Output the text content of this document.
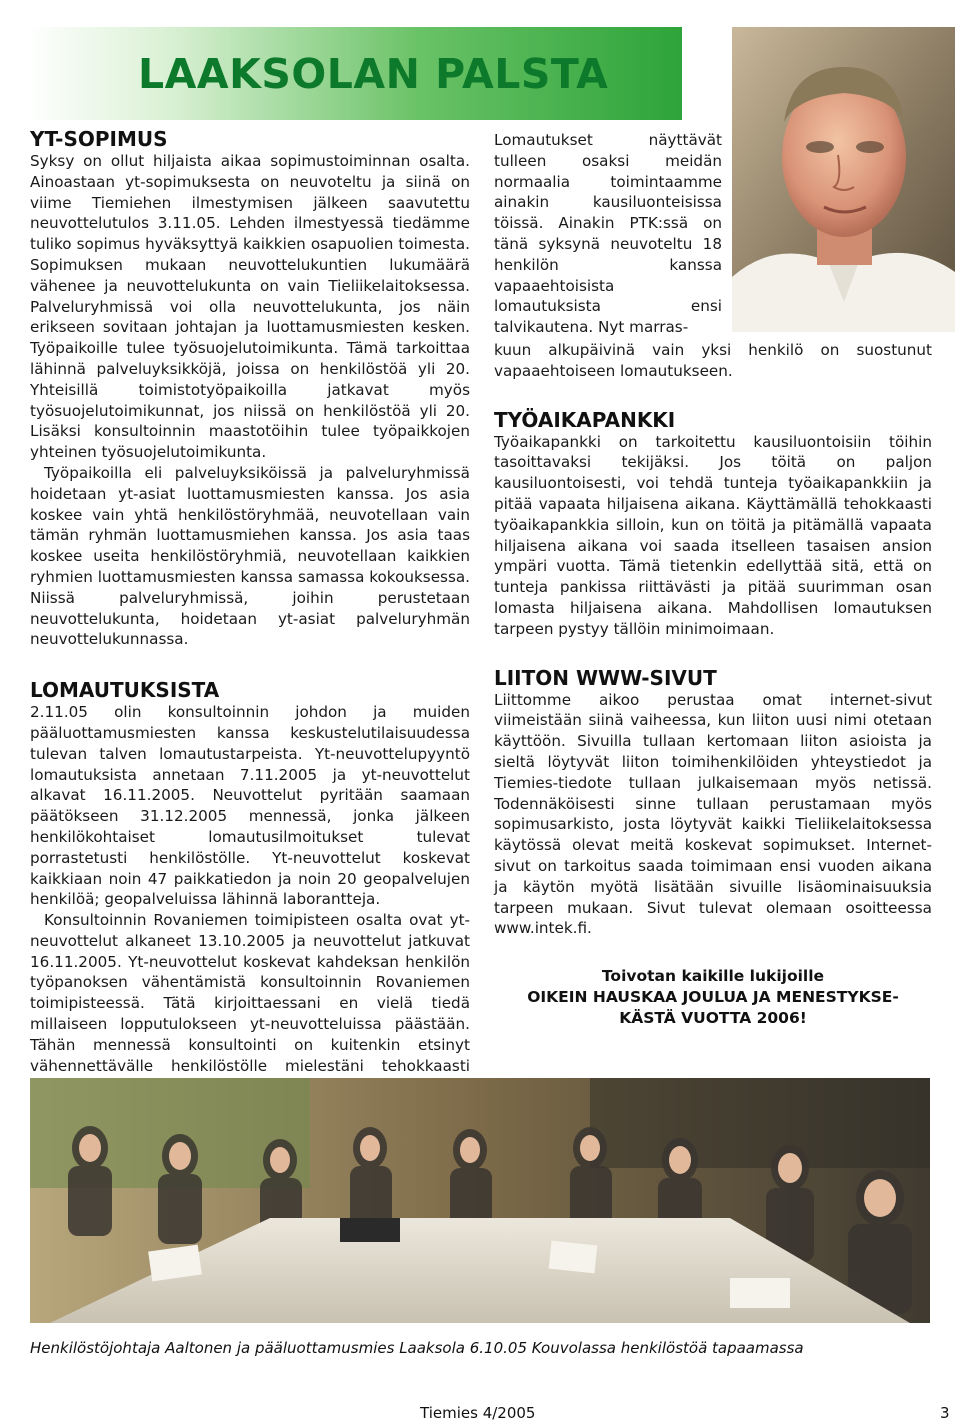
LAAKSOLAN PALSTA
YT-SOPIMUS

Syksy on ollut hiljaista aikaa sopimustoiminnan osalta. Ainoastaan yt-sopimuksesta on neuvoteltu ja siinä on viime Tiemiehen ilmestymisen jälkeen saavutettu neuvottelutulos 3.11.05. Lehden ilmestyessä tiedämme tuliko sopimus hyväksyttyä kaikkien osapuolien toimesta. Sopimuksen mukaan neuvottelukuntien lukumäärä vähenee ja neuvottelukunta on vain Tieliikelaitoksessa. Palveluryhmissä voi olla neuvottelukunta, jos näin erikseen sovitaan johtajan ja luottamusmiesten kesken. Työpaikoille tulee työsuojelutoimikunta. Tämä tarkoittaa lähinnä palveluyksikköjä, joissa on henkilöstöä yli 20. Yhteisillä toimistotyöpaikoilla jatkavat myös työsuojelutoimikunnat, jos niissä on henkilöstöä yli 20. Lisäksi konsultoinnin maastotöihin tulee työpaikkojen yhteinen työsuojelutoimikunta.

Työpaikoilla eli palveluyksiköissä ja palveluryhmissä hoidetaan yt-asiat luottamusmiesten kanssa. Jos asia koskee vain yhtä henkilöstöryhmää, neuvotellaan vain tämän ryhmän luottamusmiehen kanssa. Jos asia taas koskee useita henkilöstöryhmiä, neuvotellaan kaikkien ryhmien luottamusmiesten kanssa samassa kokouksessa. Niissä palveluryhmissä, joihin perustetaan neuvottelukunta, hoidetaan yt-asiat palveluryhmän neuvottelukunnassa.

LOMAUTUKSISTA

2.11.05 olin konsultoinnin johdon ja muiden pääluottamusmiesten kanssa keskustelutilaisuudessa tulevan talven lomautustarpeista. Yt-neuvottelupyyntö lomautuksista annetaan 7.11.2005 ja yt-neuvottelut alkavat 16.11.2005. Neuvottelut pyritään saamaan päätökseen 31.12.2005 mennessä, jonka jälkeen henkilökohtaiset lomautusilmoitukset tulevat porrastetusti henkilöstölle. Yt-neuvottelut koskevat kaikkiaan noin 47 paikkatiedon ja noin 20 geopalvelujen henkilöä; geopalveluissa lähinnä laborantteja.

Konsultoinnin Rovaniemen toimipisteen osalta ovat yt-neuvottelut alkaneet 13.10.2005 ja neuvottelut jatkuvat 16.11.2005. Yt-neuvottelut koskevat kahdeksan henkilön työpanoksen vähentämistä konsultoinnin Rovaniemen toimipisteessä. Tätä kirjoittaessani en vielä tiedä millaiseen lopputulokseen yt-neuvotteluissa päästään. Tähän mennessä konsultointi on kuitenkin etsinyt vähennettävälle henkilöstölle mielestäni tehokkaasti

Lomautukset näyttävät tulleen osaksi meidän normaalia toimintaamme ainakin kausiluonteisissa töissä. Ainakin PTK:ssä on tänä syksynä neuvoteltu 18 henkilön kanssa vapaaehtoisista lomautuksista ensi talvikautena. Nyt marras-

kuun alkupäivinä vain yksi henkilö on suostunut vapaaehtoiseen lomautukseen.

TYÖAIKAPANKKI

Työaikapankki on tarkoitettu kausiluontoisiin töihin tasoittavaksi tekijäksi. Jos töitä on paljon kausiluontoisesti, voi tehdä tunteja työaikapankkiin ja pitää vapaata hiljaisena aikana. Käyttämällä tehokkaasti työaikapankkia silloin, kun on töitä ja pitämällä vapaata hiljaisena aikana voi saada itselleen tasaisen ansion ympäri vuotta. Tämä tietenkin edellyttää sitä, että on tunteja pankissa riittävästi ja pitää suurimman osan lomasta hiljaisena aikana. Mahdollisen lomautuksen tarpeen pystyy tällöin minimoimaan.

LIITON WWW-SIVUT

Liittomme aikoo perustaa omat internet-sivut viimeistään siinä vaiheessa, kun liiton uusi nimi otetaan käyttöön. Sivuilla tullaan kertomaan liiton asioista ja sieltä löytyvät liiton toimihenkilöiden yhteystiedot ja Tiemies-tiedote tullaan julkaisemaan myös netissä. Todennäköisesti sinne tullaan perustamaan myös sopimusarkisto, josta löytyvät kaikki Tieliikelaitoksessa käytössä olevat meitä koskevat sopimukset. Internet-sivut on tarkoitus saada toimimaan ensi vuoden aikana ja käytön myötä lisätään sivuille lisäominaisuuksia tarpeen mukaan. Sivut tulevat olemaan osoitteessa www.intek.fi.

Toivotan kaikille lukijoille
OIKEIN HAUSKAA JOULUA JA MENESTYKSE-
KÄSTÄ VUOTTA 2006!
Henkilöstöjohtaja Aaltonen ja pääluottamusmies Laaksola 6.10.05 Kouvolassa henkilöstöä tapaamassa
Tiemies 4/2005	3
